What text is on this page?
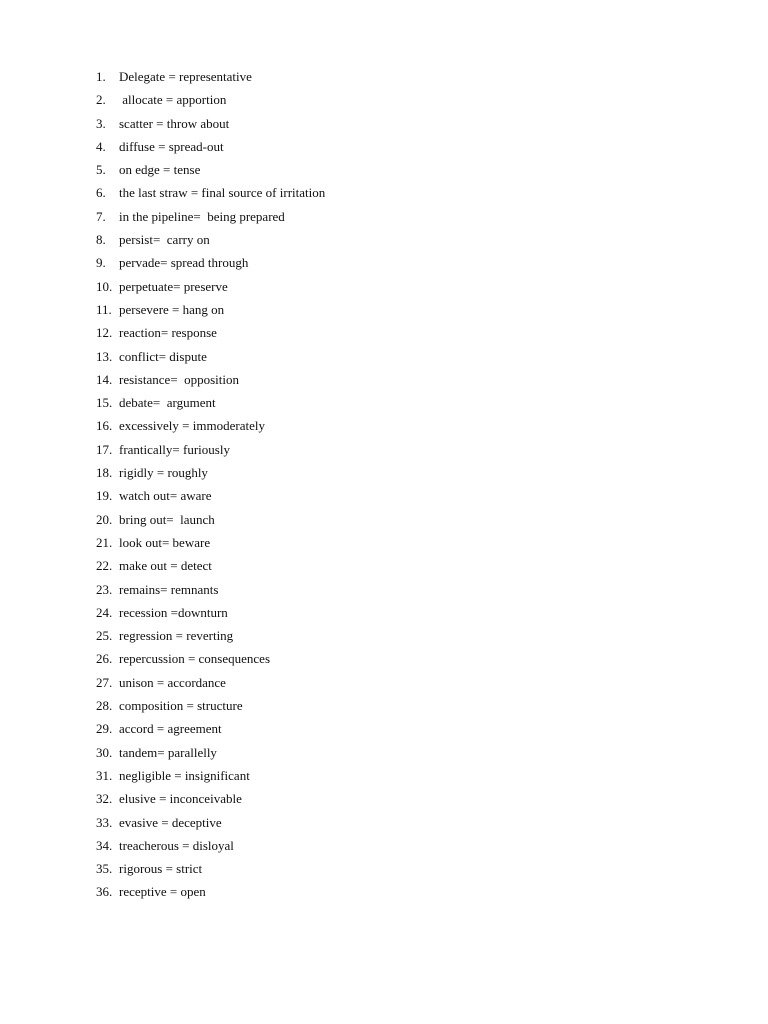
1. Delegate = representative
2. allocate = apportion
3. scatter = throw about
4. diffuse = spread-out
5. on edge = tense
6. the last straw = final source of irritation
7. in the pipeline=  being prepared
8. persist=  carry on
9. pervade= spread through
10. perpetuate= preserve
11. persevere = hang on
12. reaction= response
13. conflict= dispute
14. resistance=  opposition
15. debate=  argument
16. excessively = immoderately
17. frantically= furiously
18. rigidly = roughly
19. watch out= aware
20. bring out=  launch
21. look out= beware
22. make out = detect
23. remains= remnants
24. recession =downturn
25. regression = reverting
26. repercussion = consequences
27. unison = accordance
28. composition = structure
29. accord = agreement
30. tandem= parallelly
31. negligible = insignificant
32. elusive = inconceivable
33. evasive = deceptive
34. treacherous = disloyal
35. rigorous = strict
36. receptive = open
